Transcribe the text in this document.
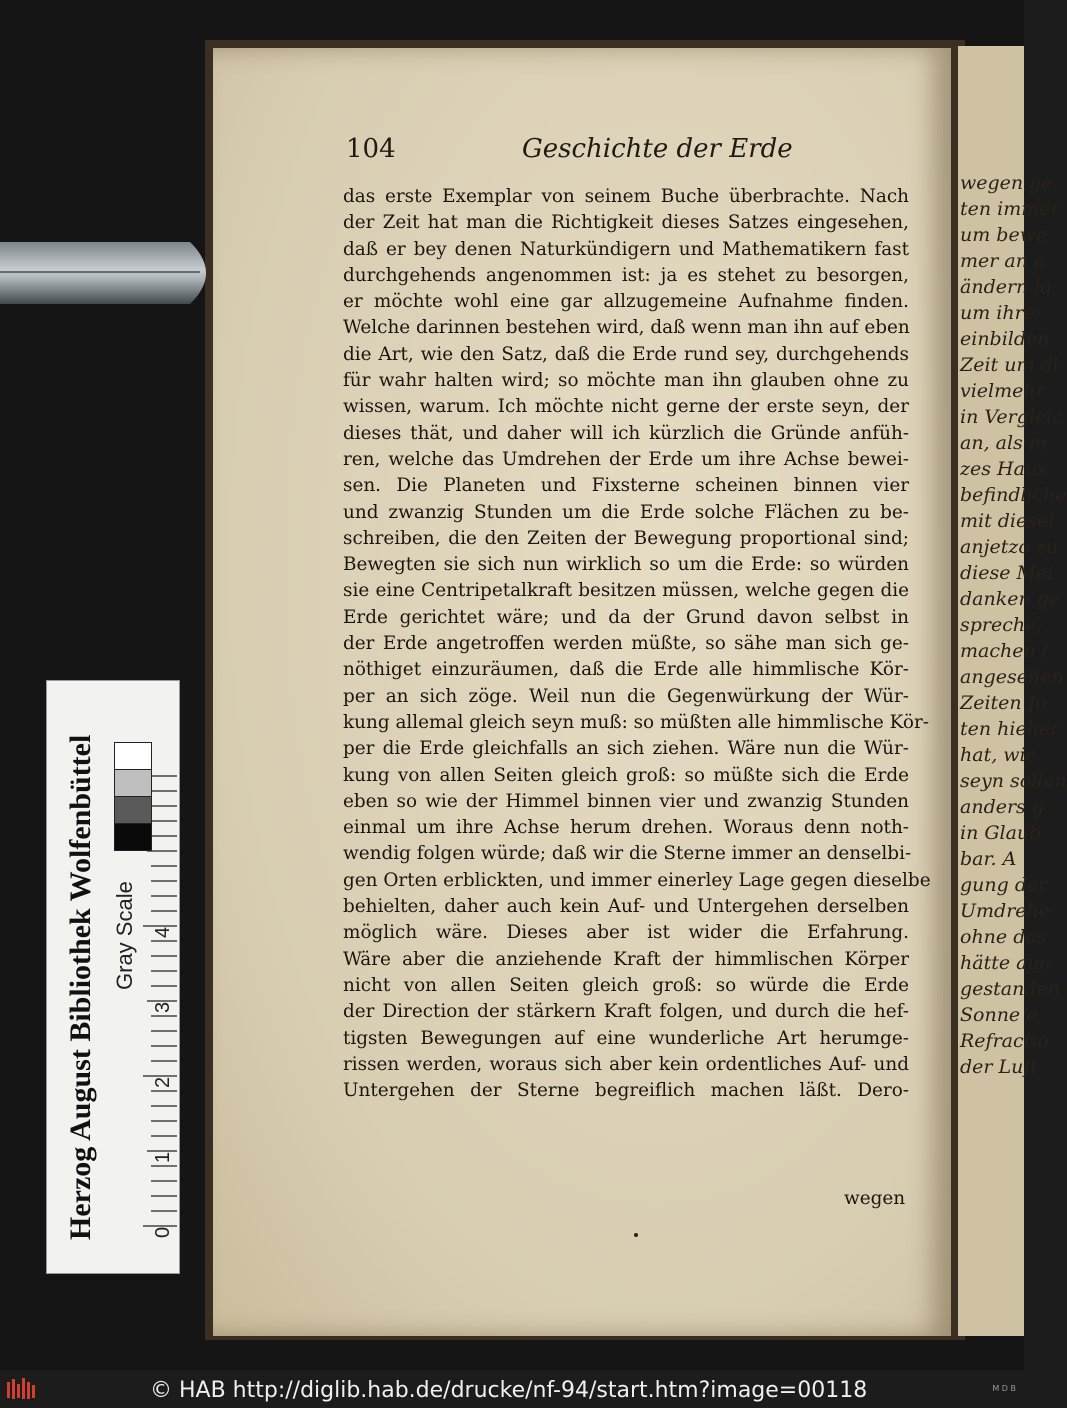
wegen ge
ten immer
um bewe
mer an e
ändern la
um ihre
einbilden
Zeit um di
vielmehr
in Vergleic
an, als m
zes Haus
befindliche
mit diesel
anjetzo zu
diese Mei
danken ge
spreche;
machen l
angesehen
Zeiten Jo
ten hieher
hat, wie
seyn sollen
anders g
in Glaub
bar. A
gung der
Umdrehe
ohne das
hätte auc
gestanden
Sonne e
Refractio
der Luft
104	Geschichte der Erde
das erste Exemplar von seinem Buche überbrachte. Nach
der Zeit hat man die Richtigkeit dieses Satzes eingesehen,
daß er bey denen Naturkündigern und Mathematikern fast
durchgehends angenommen ist: ja es stehet zu besorgen,
er möchte wohl eine gar allzugemeine Aufnahme finden.
Welche darinnen bestehen wird, daß wenn man ihn auf eben
die Art, wie den Satz, daß die Erde rund sey, durchgehends
für wahr halten wird; so möchte man ihn glauben ohne zu
wissen, warum. Ich möchte nicht gerne der erste seyn, der
dieses thät, und daher will ich kürzlich die Gründe anfüh-
ren, welche das Umdrehen der Erde um ihre Achse bewei-
sen. Die Planeten und Fixsterne scheinen binnen vier
und zwanzig Stunden um die Erde solche Flächen zu be-
schreiben, die den Zeiten der Bewegung proportional sind;
Bewegten sie sich nun wirklich so um die Erde: so würden
sie eine Centripetalkraft besitzen müssen, welche gegen die
Erde gerichtet wäre; und da der Grund davon selbst in
der Erde angetroffen werden müßte, so sähe man sich ge-
nöthiget einzuräumen, daß die Erde alle himmlische Kör-
per an sich zöge. Weil nun die Gegenwürkung der Wür-
kung allemal gleich seyn muß: so müßten alle himmlische Kör-
per die Erde gleichfalls an sich ziehen. Wäre nun die Wür-
kung von allen Seiten gleich groß: so müßte sich die Erde
eben so wie der Himmel binnen vier und zwanzig Stunden
einmal um ihre Achse herum drehen. Woraus denn noth-
wendig folgen würde; daß wir die Sterne immer an denselbi-
gen Orten erblickten, und immer einerley Lage gegen dieselbe
behielten, daher auch kein Auf- und Untergehen derselben
möglich wäre. Dieses aber ist wider die Erfahrung.
Wäre aber die anziehende Kraft der himmlischen Körper
nicht von allen Seiten gleich groß: so würde die Erde
der Direction der stärkern Kraft folgen, und durch die hef-
tigsten Bewegungen auf eine wunderliche Art herumge-
rissen werden, woraus sich aber kein ordentliches Auf- und
Untergehen der Sterne begreiflich machen läßt. Dero-
wegen
Herzog August Bibliothek Wolfenbüttel Gray Scale
0
1
2
3
4
© HAB http://diglib.hab.de/drucke/nf-94/start.htm?image=00118	M D B
